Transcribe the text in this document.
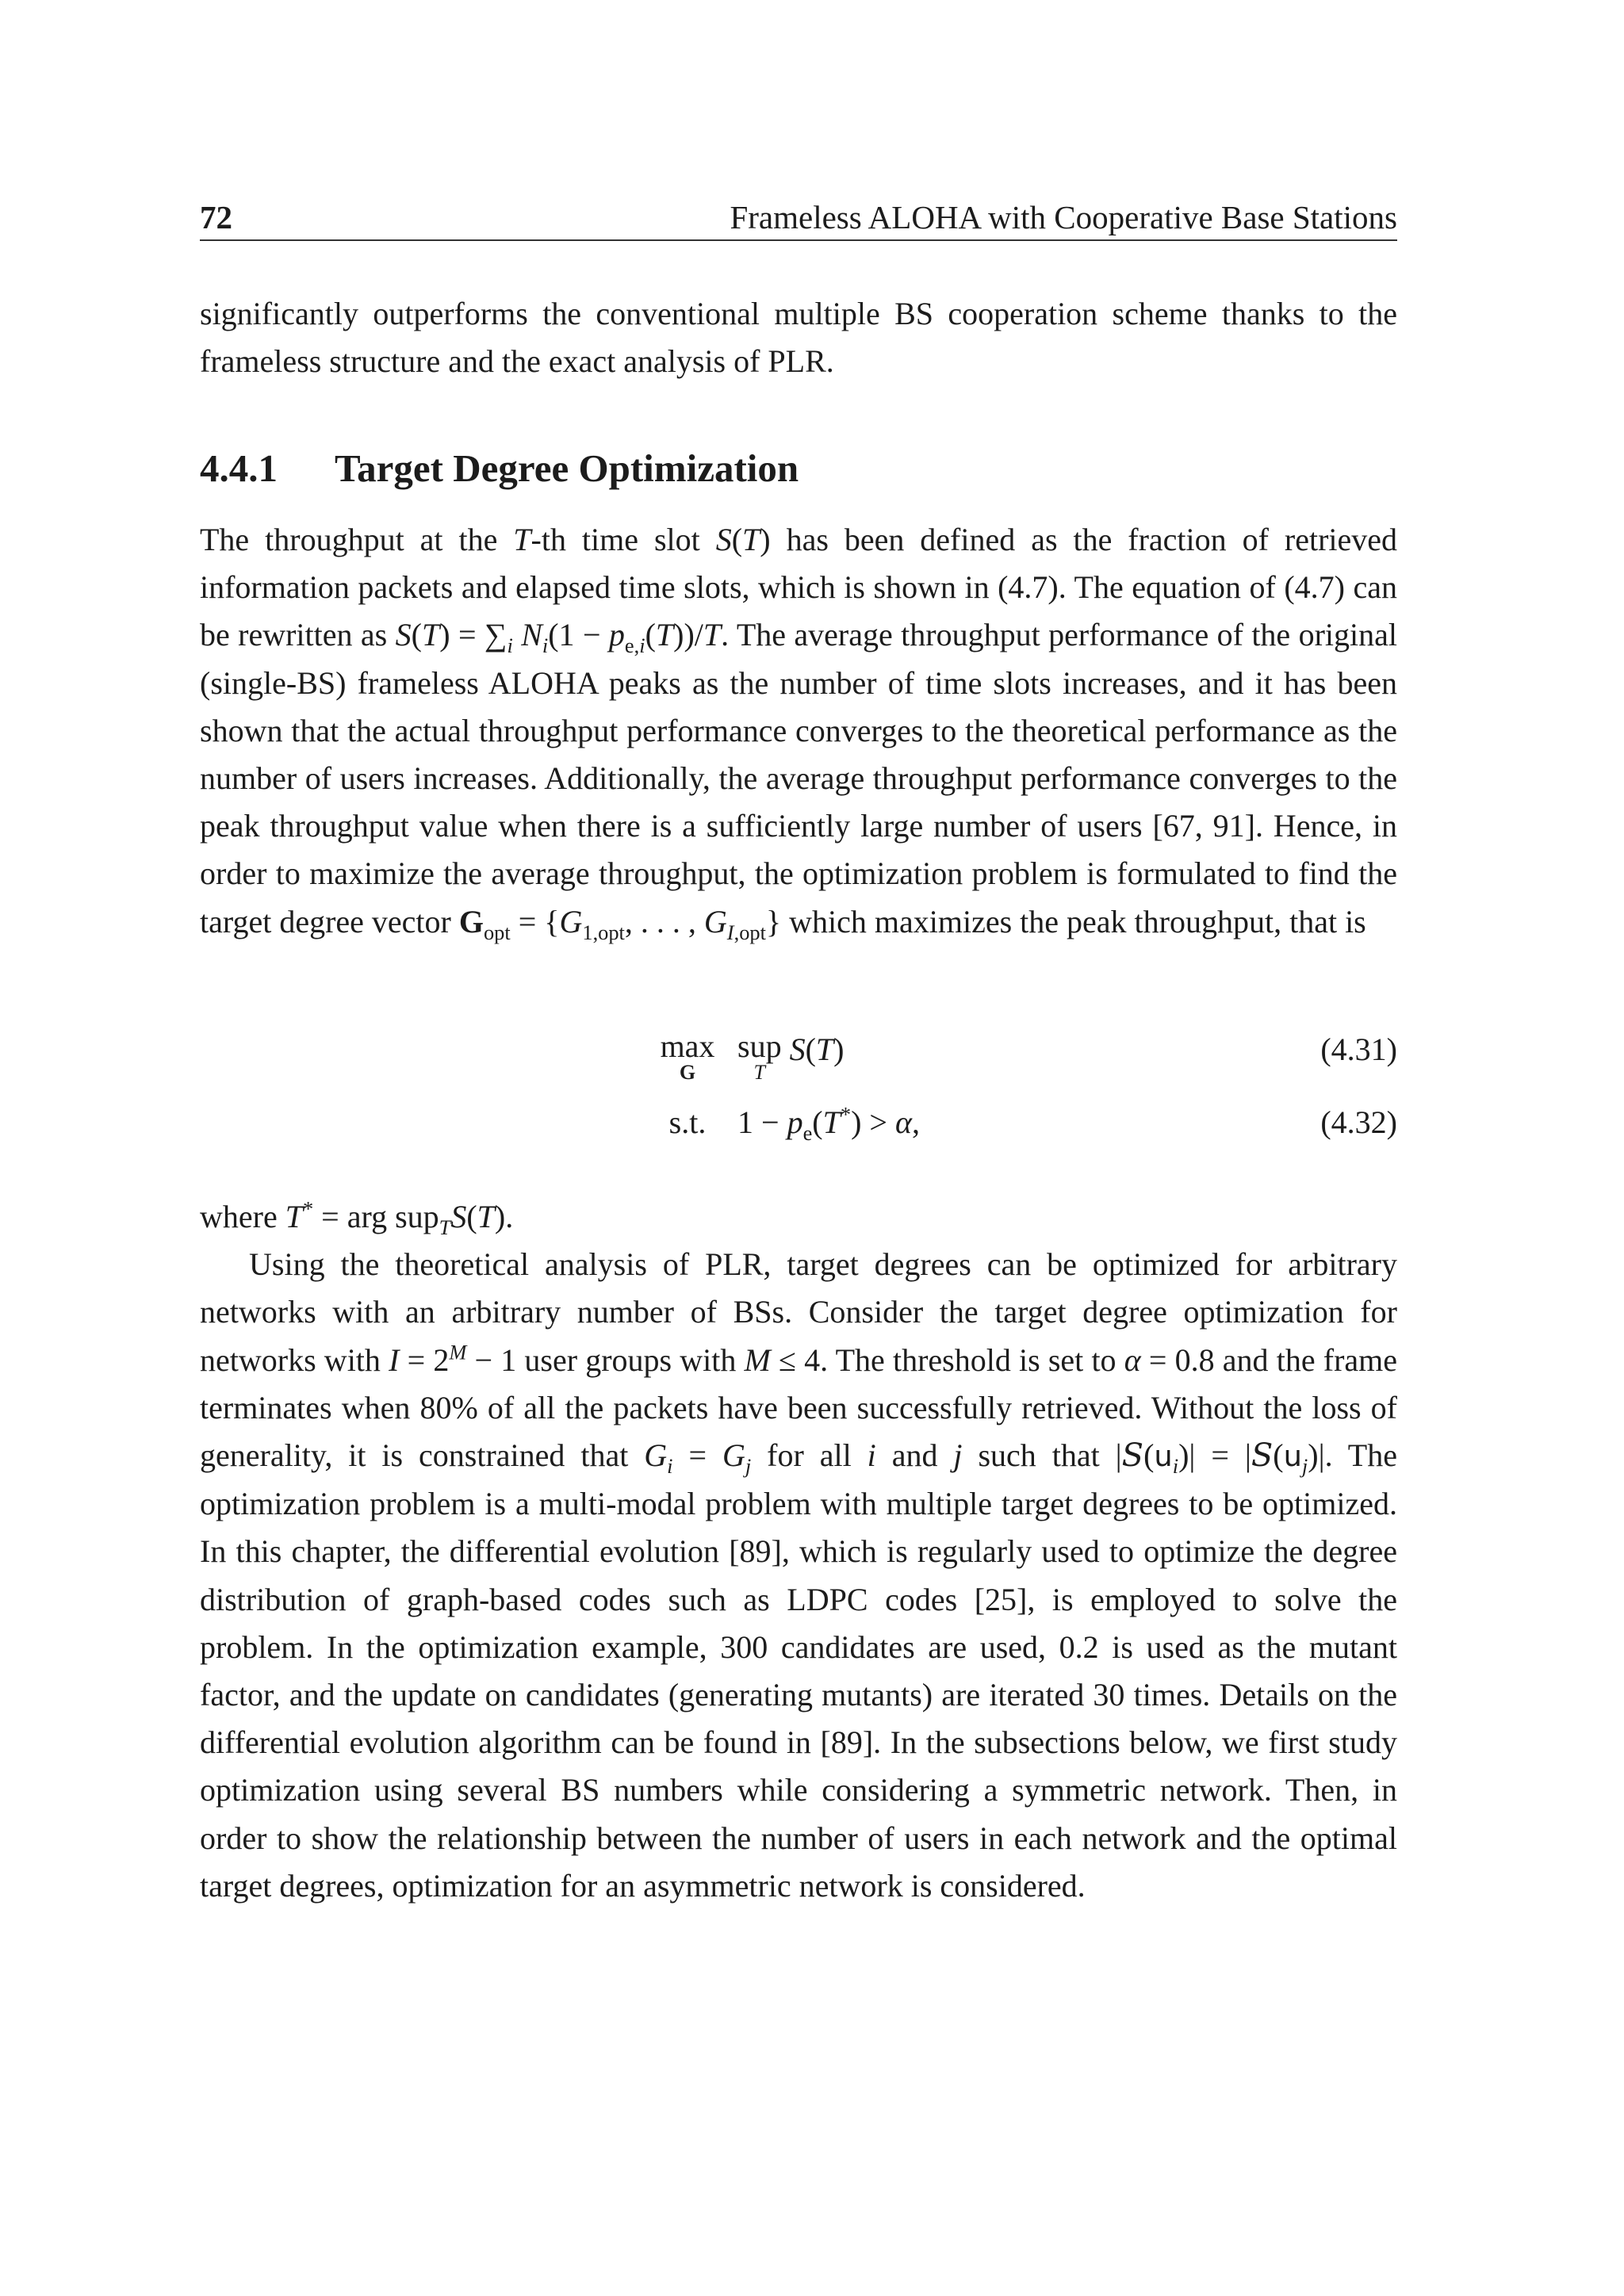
72	Frameless ALOHA with Cooperative Base Stations

significantly outperforms the conventional multiple BS cooperation scheme thanks to the frameless structure and the exact analysis of PLR.

4.4.1 Target Degree Optimization

The throughput at the T-th time slot S(T) has been defined as the fraction of retrieved information packets and elapsed time slots, which is shown in (4.7). The equation of (4.7) can be rewritten as $S(T) = \sum_i$ $N_i(1 - p_{e,i}(T))/T$. The average throughput performance of the original (single-BS) frameless ALOHA peaks as the number of time slots increases, and it has been shown that the actual throughput performance converges to the theoretical performance as the number of users increases. Additionally, the average throughput performance converges to the peak throughput value when there is a sufficiently large number of users [67, 91]. Hence, in order to maximize the average throughput, the optimization problem is formulated to find the target degree vector $G_{opt} = \{G_{1,opt}$, . . . , $G_{I,opt}$} which maximizes the peak throughput, that is

max
G
sup
T
S(T)	(4.31)
s.t. $1 - p_e(T^*) > \alpha$,	(4.32)

where T* = arg sup$_T$S(T).

Using the theoretical analysis of PLR, target degrees can be optimized for arbitrary networks with an arbitrary number of BSs. Consider the target degree optimization for networks with $I = 2^M - 1$ user groups with M ≤ 4. The threshold is set to α = 0.8 and the frame terminates when 80% of all the packets have been successfully retrieved. Without the loss of generality, it is constrained that $G_i = G_j$ for all i and j such that $|S(u_i)| = |S(u_j)|$. The optimization problem is a multi-modal problem with multiple target degrees to be optimized. In this chapter, the differential evolution [89], which is regularly used to optimize the degree distribution of graph-based codes such as LDPC codes [25], is employed to solve the problem. In the optimization example, 300 candidates are used, 0.2 is used as the mutant factor, and the update on candidates (generating mutants) are iterated 30 times. Details on the differential evolution algorithm can be found in [89]. In the subsections below, we first study optimization using several BS numbers while considering a symmetric network. Then, in order to show the relationship between the number of users in each network and the optimal target degrees, optimization for an asymmetric network is considered.
